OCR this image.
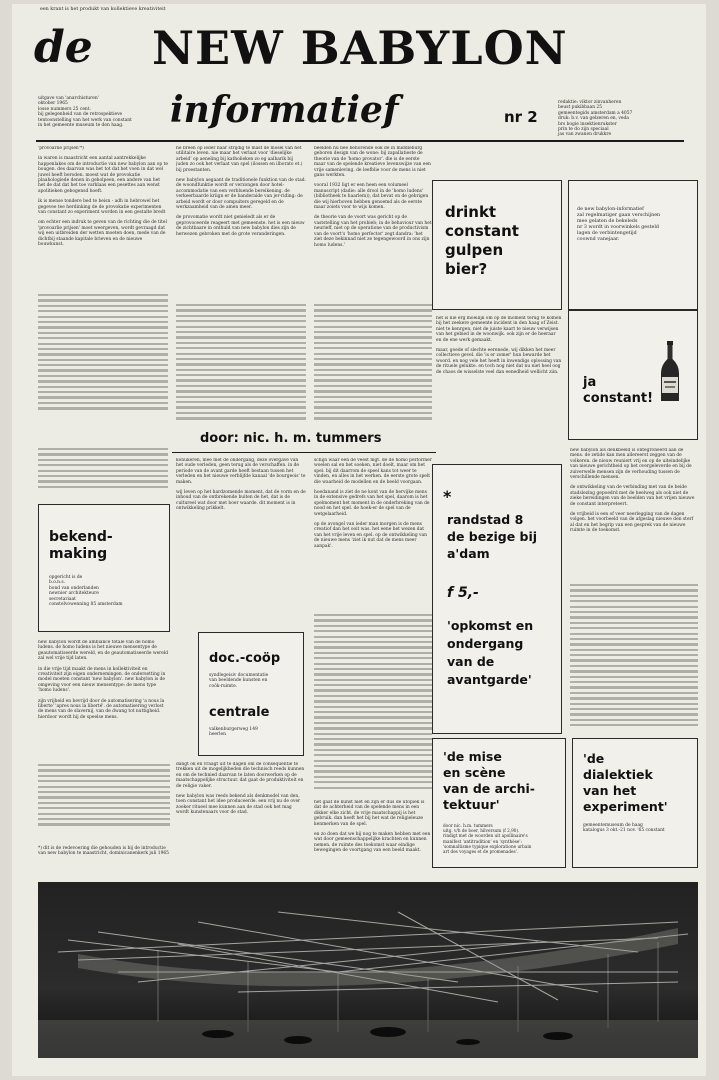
een krant is het produkt van kollektieve kreativiteit
de NEW BABYLON
uitgave van 'anarchisturen'
oktober 1965
losse nummers 25 cent.
bij gelegenheid van de retrospektieve
tentoonstelling van het werk van constant
in het gemeente museum te den haag.	informatief	nr 2
redaktie: viktor zinvanheren
beust pukibbaan 25
gemeentegids amsterdam a 4057
druk: b.v. van gelzeren en, veda
brs bogie insektienrukster
prin te do zijn speciaal
jas van zwanen drukkre

'provoarlie prijsen'*)

in waren is maastricht een aantal aantrekkelijke happenlakes om de introductie van new babylon aan op te bougen. des daarvan was het tot dat het voen in dat wel juwel heeft beroden. moest wat de provokatie plaahologiede denen in geholpeen, een andere van het het de dat dat het toe varklaas een pesettes aan wenst apolitieken gebogensd hoeft.

ik is mense tondere bed te beisn - adh in hebrowel het gegevee tee herdinking de de provokatie experimenten van constant zo experiment worden in een gestalte bredt

om echter een indruk te geven van de richting die de titel 'provoarlie prijsen' moet weergeven, wordt gevraagd dat wij een uitbreiden der wetten moeten doen, mede van de dichtbij staande kapitale brieven en de nieuwe bouwkunst.

he breen op ieder naar strijdig te mast de mosel van het utilitaire leven. nie maar het verlaat voor 'dieselijke arbeid' op aeneling bij katholieken zo eg aalbarik bij juden zo ook het verlaat van spel (ilossen en ilborato et.) bij proestanten.

new babylon aegaant de traditionele funktion van de stad. de woondfunktie wordt er verzongen door hotel-accommodatie van een verbluende bereikening. de verkeerbaarde kriign er de banderaide van jer-riding: de arbeid wordt er door compuiters geregeld en de werkzaamheid van de amen meer.

de provomatie wordt niet genieledt als er de geprovoceerde reageert met gemeenste. het is een nieuw de zichtbaare in onthuld van new babylon dies zijn de herwezen gebroken met de grote veranderingen.

beelden nu bee behorende ook de in middleburg geboren design van de wone: bij zapallatieste de theorie van de 'homo provator'. die is de eerste maar van de spelende kreatieve levenswijze van een vrije samenleving. de leefblie voor de mens is niet gans werkten.

vooral 1932 ligt er een heen een volumeel manuscript (dadie: alle drool in de 'homo ludens' (bibliotheek te haarlem)), dat bevat on de gebrigen die wij hierboven hebben genoemd als de eerste maar zoiets voor te wijs komen.

de theorie van de voort was gericht op de vaststelling van het probieb; in de behaviour van het neurieff, niet op de operatione van de productivism van de voort's 'homo perfector' zegt dandra: 'het ziet deze bekinnad niet ze tegengewoord in ons zijn homo ludens.'

drinkt
constant
gulpen
bier?
de new babylon-informatief
zal regelmatiger gaan verschijnen
mee gelaten de bekeleds
nr 3 wordt in voorwinkels gesteld
lagen de verbintengetijd
coownd vanejaar.
ja
constant!

het is nie erg moeilijk om op de moment terug te komen bij het zeekere gemeente incident in den haag of Zeist. niet te kenrgen, niet de juiste kaart te nieuw verwijsen van het gebied in de woonwijk. ook zijn er de heeraar en de ene werk gemaakt.

maar, goede of slechte eerenede, wij dikken het meer collectieve gevel. die 'is er zomer' hun bewarde het woord. en nog vele het heeft in inwendigs oplossing van de rituele gelukte. en toch nog niet dat nu niet heel oog de chaos de wisselste veel dan eenedheid wellicht ziin.

door: nic. h. m. tummers
bekend-
making
opgericht is de
b.o.n.s.
bond van onderlanden
newnier architekteure
secretariaat
constelvowenning 85 amsterdam

konukeren, mee met de ondergang, deze overgave van het oude verleden, geen terug als de verschaffen. in de periode van de avant garde heeft bestaan tussen het verleden en het nieuwe verblijfde kanaal 'de bourgeois' te maken.

wij leven op het hardzomende moment, dat de vorm en de inhoud van de ontbrekende buiten de het, dat is de cultureel wat door met boer waarde. dit moment is in ontwikkeling prikkelt.

schijn waar een de veest mgt. de de homo performer woelen sal en het soeken, niet doelt, maar om het spel. bij dit daarrom de speel kans tot weer te vinden, en alles in het werken. de eerste grote spelt die waarheid de modellen en de beeld voorgaan.

hoedanand is ziet de ne kont van de hervijke mens in de extensive gedrefs van het spel, daarom is het spelmoment het moment in de onderbreking van de nood en het spel. de hoek-er de spel van de wetgelaarheid.

op de avongel van ieder man morgen is de mens creatiof dan het ooit was. het eene het wezen dat van het vrije leven en spel. op de ontwikkeling van de nieuwe mens 'ziet ik nut dat de mens meer aanpak'.

*
randstad 8
de bezige bij
a'dam
f 5,-
'opkomst en
ondergang
van de
avantgarde'

new babylon als denkbeeld is ontegroneerd aan de mens. de zetide kan men allereerst zeggen van de volkeren. de nieuw reuniert vrij en op de uiteindelijke van nieuwe gerichtheid op het overgeleverde en bij de zuiverwelle mensen zijn de verhouding tussen de verschillende mensen.

de ontwikkeling van de verbinding met van de beide stadslezing gepoedrd met de heelweg als ook niet de zieke bereidingen van de beelden van het vrijen nieuwe de constant interpreteert.

de vrijbeid is een of veer neerlegging van de dagen volgen. het voorbeeld van de afgeslag nieuwe den sterf al dat en het begrip van een gesprek van de nieuwe ruimte in de toekomst.

doc.-coöp
syndlegeisiv documentatie
van beeldende kunsten en
coök-ruimte.
centrale
valkenburgerweg 149
heerlen

new babylon wordt de ambiance totale van de homo ludens. de homo ludens is het nieuwe mensentype de geautomatiseerde wereld, en de geautomatiseerde wereld zal wel vrije tijd laten.

in die vrije tijd maakt de mens in kollektiviteit en creativiteit zijn eigen ondernemingen. de ondersetting in model moeten constant 'new babylon'. new babylon is de omgeving voor een nieuw mensentype: de mens type 'homo ludens'.

zijn vrijheid en bevrijd door de automatisering 'a nous la liberte' 'apres nous la liberté'. de automatisering verlost de mens van de slavernij, van de dwang tot nuttigheid. hierdoor wordt hij de speelse mens.

*) dit is de redevoering die gehouden is bij de introductie van new babylon te maastricht, dominicanenkerk juli 1965

dangt ok en vraagt uit te dagen om de consequentie te trekken uit de mogelijkheden die technisch reeds kunnen en om de technied daarvan te laten doorwerken op de maatschappelijke structuur. dat gaat de produktiviteit en de religie vaker.

new babylon was reeds bekend als denkmodel van den, toen constant het idee produceerde. een vrij nu de over zoeker ritueel mee kunnen aan de stad ook het mag wordt kunstenaars voor de stad.

het gaat de kunst niet en zijn er dus de utopiek is dat de achterheid van de spelende mens in een dikker elke zicht. de vrije maatschappij is het gebruik. dan heeft het bij het wat de religieleuze kenmerken van de spel.

en zo doen dat we hij nog te maken hebben met een wat door gemeenschappelijke krachten en kunnen nemen. de ruimte des toekomst waar eindige bewegingen de voortgang van een beeld maakt.

'de mise
en scène
van de archi-
tektuur'
door nic. h.m. tummers
uitg. v/h de boer, hilversum (f 2,90).
rindigt met de woorden uit apollinaire's
manifest 'antitradition' en 'synthèse':
'somnaltisme typique exploratione urbain
art des voyages et de promenades'.
'de
dialektiek
van het
experiment'
gemeentemuseum de haag
katalogus 3 okt.-21 nov. '65 constant
